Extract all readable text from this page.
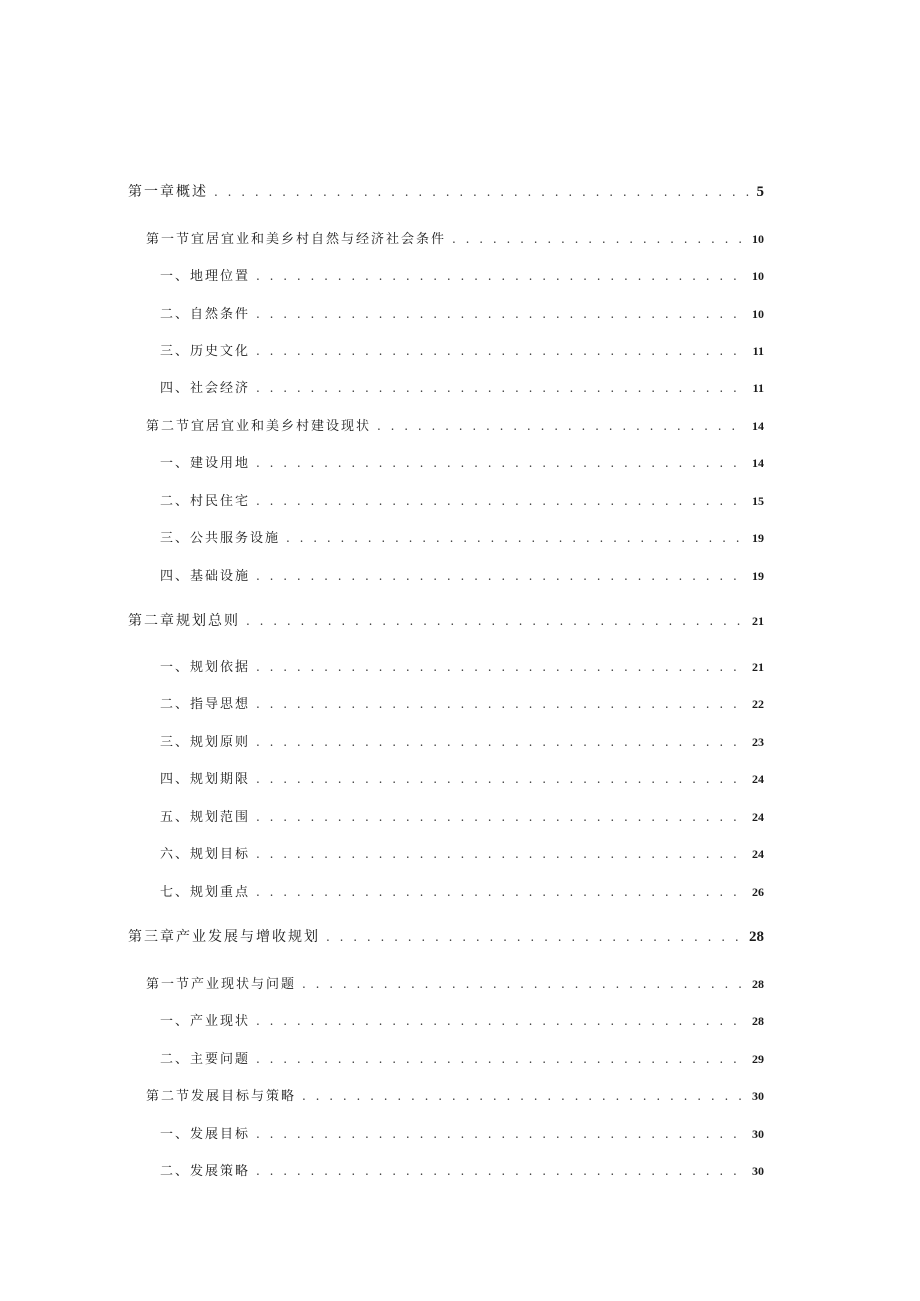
第一章概述 . . .	5
第一节宜居宜业和美乡村自然与经济社会条件 . . .	10
一、地理位置 . . .	10
二、自然条件 . . .	10
三、历史文化 . . .	11
四、社会经济 . . .	11
第二节宜居宜业和美乡村建设现状 . . .	14
一、建设用地 . . .	14
二、村民住宅 . . .	15
三、公共服务设施 . . .	19
四、基础设施 . . .	19
第二章规划总则 . . .	21
一、规划依据 . . .	21
二、指导思想 . . .	22
三、规划原则 . . .	23
四、规划期限 . . .	24
五、规划范围 . . .	24
六、规划目标 . . .	24
七、规划重点 . . .	26
第三章产业发展与增收规划 . . .	28
第一节产业现状与问题 . . .	28
一、产业现状 . . .	28
二、主要问题 . . .	29
第二节发展目标与策略 . . .	30
一、发展目标 . . .	30
二、发展策略 . . .	30
